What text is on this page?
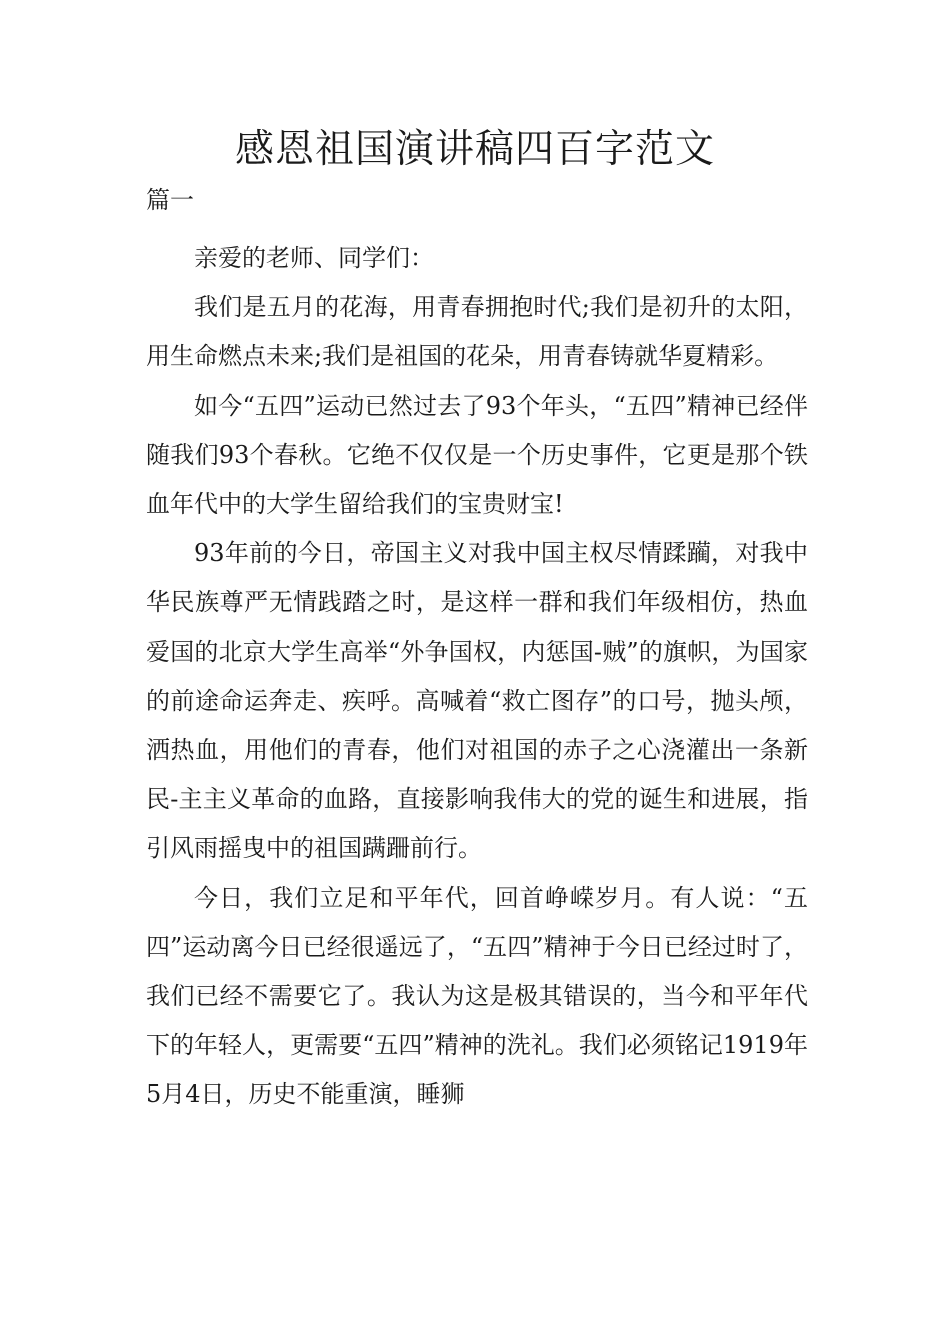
感恩祖国演讲稿四百字范文
篇一

亲爱的老师、同学们：

我们是五月的花海，用青春拥抱时代;我们是初升的太阳，用生命燃点未来;我们是祖国的花朵，用青春铸就华夏精彩。

如今“五四”运动已然过去了93个年头，“五四”精神已经伴随我们93个春秋。它绝不仅仅是一个历史事件，它更是那个铁血年代中的大学生留给我们的宝贵财宝!

93年前的今日，帝国主义对我中国主权尽情蹂躏，对我中华民族尊严无情践踏之时，是这样一群和我们年级相仿，热血爱国的北京大学生高举“外争国权，内惩国-贼”的旗帜，为国家的前途命运奔走、疾呼。高喊着“救亡图存”的口号，抛头颅，洒热血，用他们的青春，他们对祖国的赤子之心浇灌出一条新民-主主义革命的血路，直接影响我伟大的党的诞生和进展，指引风雨摇曳中的祖国蹒跚前行。

今日，我们立足和平年代，回首峥嵘岁月。有人说：“五四”运动离今日已经很遥远了，“五四”精神于今日已经过时了，我们已经不需要它了。我认为这是极其错误的，当今和平年代下的年轻人，更需要“五四”精神的洗礼。我们必须铭记1919年5月4日，历史不能重演，睡狮
